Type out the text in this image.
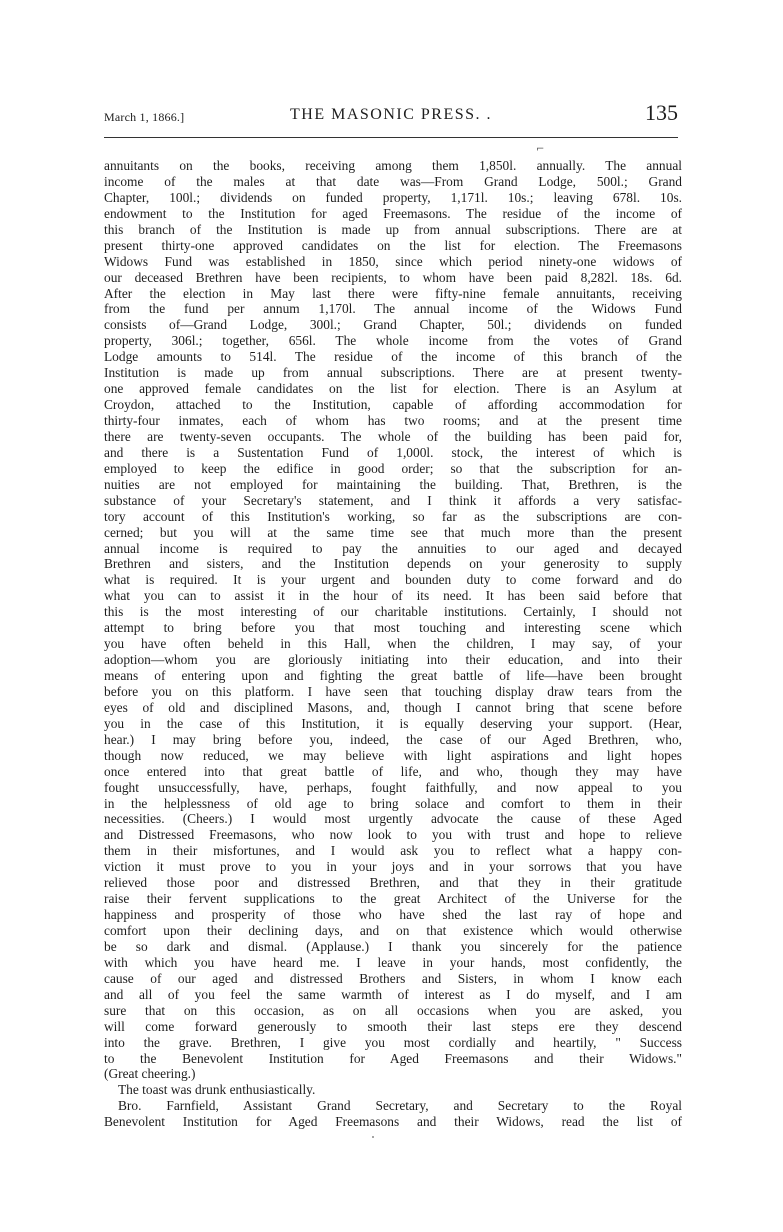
March 1, 1866.]	THE MASONIC PRESS. .	135
⌐
annuitants on the books, receiving among them 1,850l. annually. The annual
income of the males at that date was—From Grand Lodge, 500l.; Grand
Chapter, 100l.; dividends on funded property, 1,171l. 10s.; leaving 678l. 10s.
endowment to the Institution for aged Freemasons. The residue of the income of
this branch of the Institution is made up from annual subscriptions. There are at
present thirty-one approved candidates on the list for election. The Freemasons
Widows Fund was established in 1850, since which period ninety-one widows of
our deceased Brethren have been recipients, to whom have been paid 8,282l. 18s. 6d.
After the election in May last there were fifty-nine female annuitants, receiving
from the fund per annum 1,170l. The annual income of the Widows Fund
consists of—Grand Lodge, 300l.; Grand Chapter, 50l.; dividends on funded
property, 306l.; together, 656l. The whole income from the votes of Grand
Lodge amounts to 514l. The residue of the income of this branch of the
Institution is made up from annual subscriptions. There are at present twenty-
one approved female candidates on the list for election. There is an Asylum at
Croydon, attached to the Institution, capable of affording accommodation for
thirty-four inmates, each of whom has two rooms; and at the present time
there are twenty-seven occupants. The whole of the building has been paid for,
and there is a Sustentation Fund of 1,000l. stock, the interest of which is
employed to keep the edifice in good order; so that the subscription for an-
nuities are not employed for maintaining the building. That, Brethren, is the
substance of your Secretary's statement, and I think it affords a very satisfac-
tory account of this Institution's working, so far as the subscriptions are con-
cerned; but you will at the same time see that much more than the present
annual income is required to pay the annuities to our aged and decayed
Brethren and sisters, and the Institution depends on your generosity to supply
what is required. It is your urgent and bounden duty to come forward and do
what you can to assist it in the hour of its need. It has been said before that
this is the most interesting of our charitable institutions. Certainly, I should not
attempt to bring before you that most touching and interesting scene which
you have often beheld in this Hall, when the children, I may say, of your
adoption—whom you are gloriously initiating into their education, and into their
means of entering upon and fighting the great battle of life—have been brought
before you on this platform. I have seen that touching display draw tears from the
eyes of old and disciplined Masons, and, though I cannot bring that scene before
you in the case of this Institution, it is equally deserving your support. (Hear,
hear.) I may bring before you, indeed, the case of our Aged Brethren, who,
though now reduced, we may believe with light aspirations and light hopes
once entered into that great battle of life, and who, though they may have
fought unsuccessfully, have, perhaps, fought faithfully, and now appeal to you
in the helplessness of old age to bring solace and comfort to them in their
necessities. (Cheers.) I would most urgently advocate the cause of these Aged
and Distressed Freemasons, who now look to you with trust and hope to relieve
them in their misfortunes, and I would ask you to reflect what a happy con-
viction it must prove to you in your joys and in your sorrows that you have
relieved those poor and distressed Brethren, and that they in their gratitude
raise their fervent supplications to the great Architect of the Universe for the
happiness and prosperity of those who have shed the last ray of hope and
comfort upon their declining days, and on that existence which would otherwise
be so dark and dismal. (Applause.) I thank you sincerely for the patience
with which you have heard me. I leave in your hands, most confidently, the
cause of our aged and distressed Brothers and Sisters, in whom I know each
and all of you feel the same warmth of interest as I do myself, and I am
sure that on this occasion, as on all occasions when you are asked, you
will come forward generously to smooth their last steps ere they descend
into the grave. Brethren, I give you most cordially and heartily, " Success
to the Benevolent Institution for Aged Freemasons and their Widows."
(Great cheering.)
The toast was drunk enthusiastically.
Bro. Farnfield, Assistant Grand Secretary, and Secretary to the Royal
Benevolent Institution for Aged Freemasons and their Widows, read the list of
